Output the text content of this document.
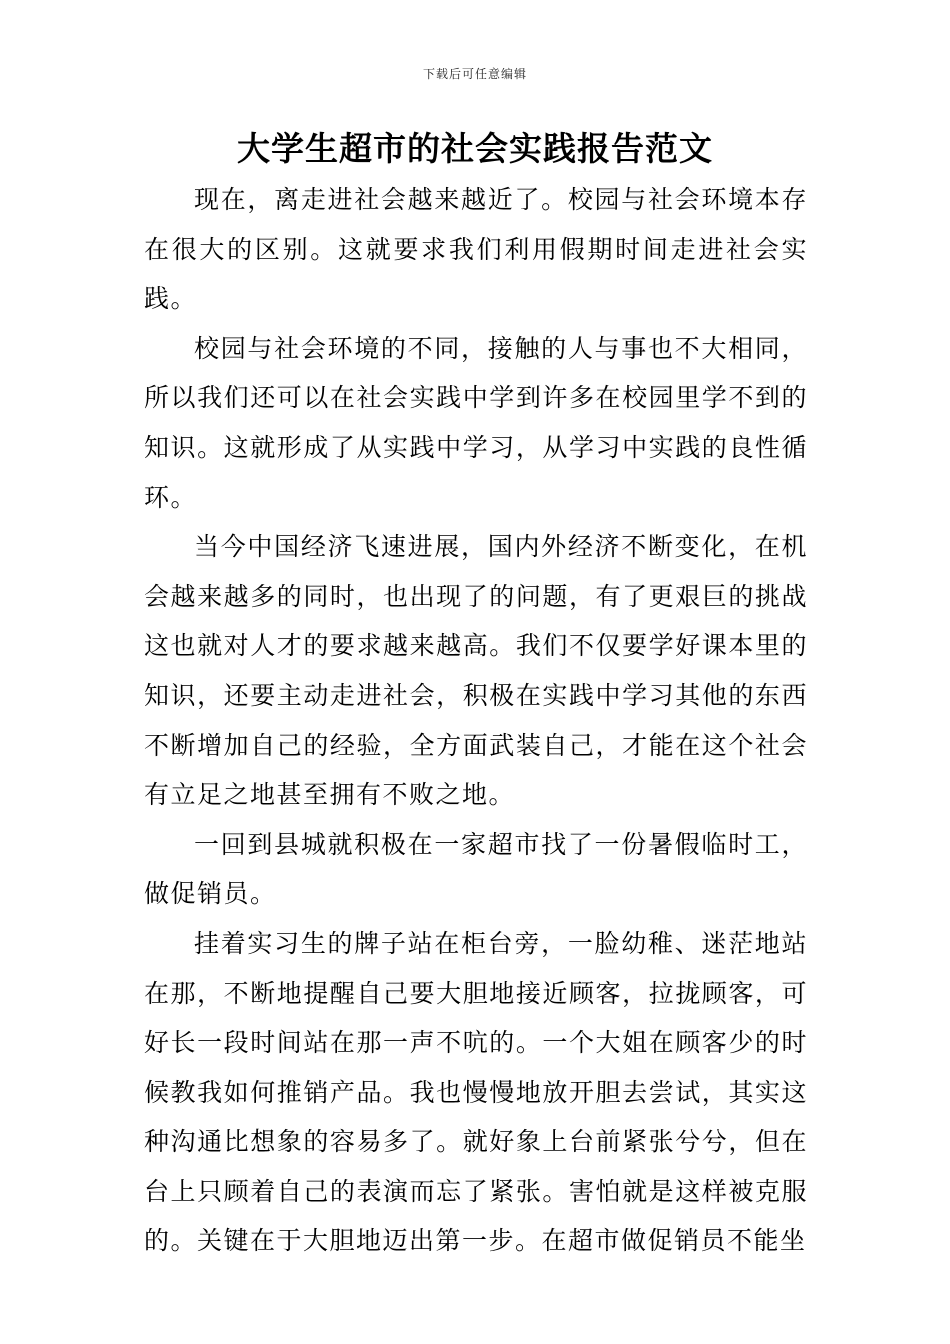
下载后可任意编辑
大学生超市的社会实践报告范文

现在，离走进社会越来越近了。校园与社会环境本存在很大的区别。这就要求我们利用假期时间走进社会实践。

校园与社会环境的不同，接触的人与事也不大相同，所以我们还可以在社会实践中学到许多在校园里学不到的知识。这就形成了从实践中学习，从学习中实践的良性循环。

当今中国经济飞速进展，国内外经济不断变化，在机会越来越多的同时，也出现了的问题，有了更艰巨的挑战这也就对人才的要求越来越高。我们不仅要学好课本里的知识，还要主动走进社会，积极在实践中学习其他的东西不断增加自己的经验，全方面武装自己，才能在这个社会有立足之地甚至拥有不败之地。

一回到县城就积极在一家超市找了一份暑假临时工，做促销员。

挂着实习生的牌子站在柜台旁，一脸幼稚、迷茫地站在那，不断地提醒自己要大胆地接近顾客，拉拢顾客，可好长一段时间站在那一声不吭的。一个大姐在顾客少的时候教我如何推销产品。我也慢慢地放开胆去尝试，其实这种沟通比想象的容易多了。就好象上台前紧张兮兮，但在台上只顾着自己的表演而忘了紧张。害怕就是这样被克服的。关键在于大胆地迈出第一步。在超市做促销员不能坐
